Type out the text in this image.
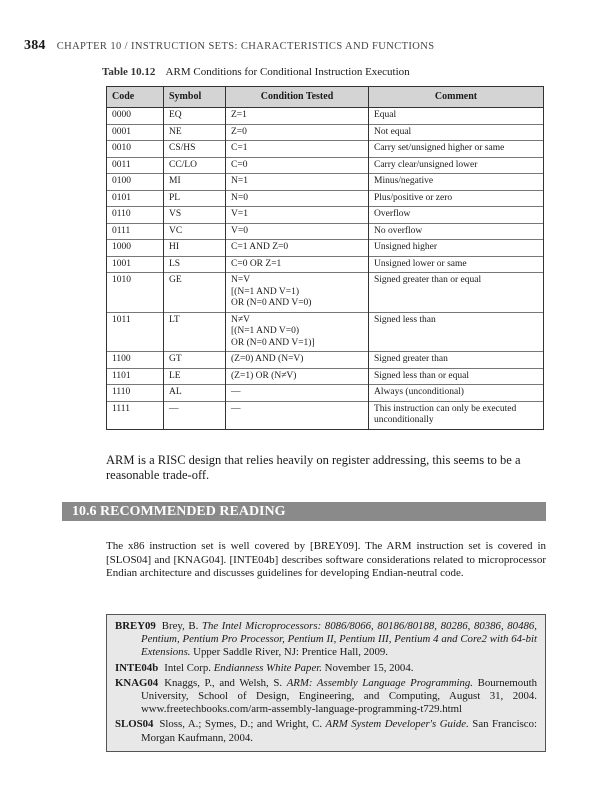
384 CHAPTER 10 / INSTRUCTION SETS: CHARACTERISTICS AND FUNCTIONS
Table 10.12 ARM Conditions for Conditional Instruction Execution
Code	Symbol	Condition Tested	Comment
0000	EQ	Z=1	Equal
0001	NE	Z=0	Not equal
0010	CS/HS	C=1	Carry set/unsigned higher or same
0011	CC/LO	C=0	Carry clear/unsigned lower
0100	MI	N=1	Minus/negative
0101	PL	N=0	Plus/positive or zero
0110	VS	V=1	Overflow
0111	VC	V=0	No overflow
1000	HI	C=1 AND Z=0	Unsigned higher
1001	LS	C=0 OR Z=1	Unsigned lower or same
1010	GE	N=V
[(N=1 AND V=1)
OR (N=0 AND V=0)	Signed greater than or equal
1011	LT	N≠V
[(N=1 AND V=0)
OR (N=0 AND V=1)]	Signed less than
1100	GT	(Z=0) AND (N=V)	Signed greater than
1101	LE	(Z=1) OR (N≠V)	Signed less than or equal
1110	AL	—	Always (unconditional)
1111	—	—	This instruction can only be executed unconditionally
ARM is a RISC design that relies heavily on register addressing, this seems to be a reasonable trade-off.
10.6 RECOMMENDED READING
The x86 instruction set is well covered by [BREY09]. The ARM instruction set is covered in [SLOS04] and [KNAG04]. [INTE04b] describes software considerations related to microprocessor Endian architecture and discusses guidelines for developing Endian-neutral code.
BREY09 Brey, B. The Intel Microprocessors: 8086/8066, 80186/80188, 80286, 80386, 80486, Pentium, Pentium Pro Processor, Pentium II, Pentium III, Pentium 4 and Core2 with 64-bit Extensions. Upper Saddle River, NJ: Prentice Hall, 2009.
INTE04b Intel Corp. Endianness White Paper. November 15, 2004.
KNAG04 Knaggs, P., and Welsh, S. ARM: Assembly Language Programming. Bournemouth University, School of Design, Engineering, and Computing, August 31, 2004. www.freetechbooks.com/arm-assembly-language-programming-t729.html
SLOS04 Sloss, A.; Symes, D.; and Wright, C. ARM System Developer's Guide. San Francisco: Morgan Kaufmann, 2004.
